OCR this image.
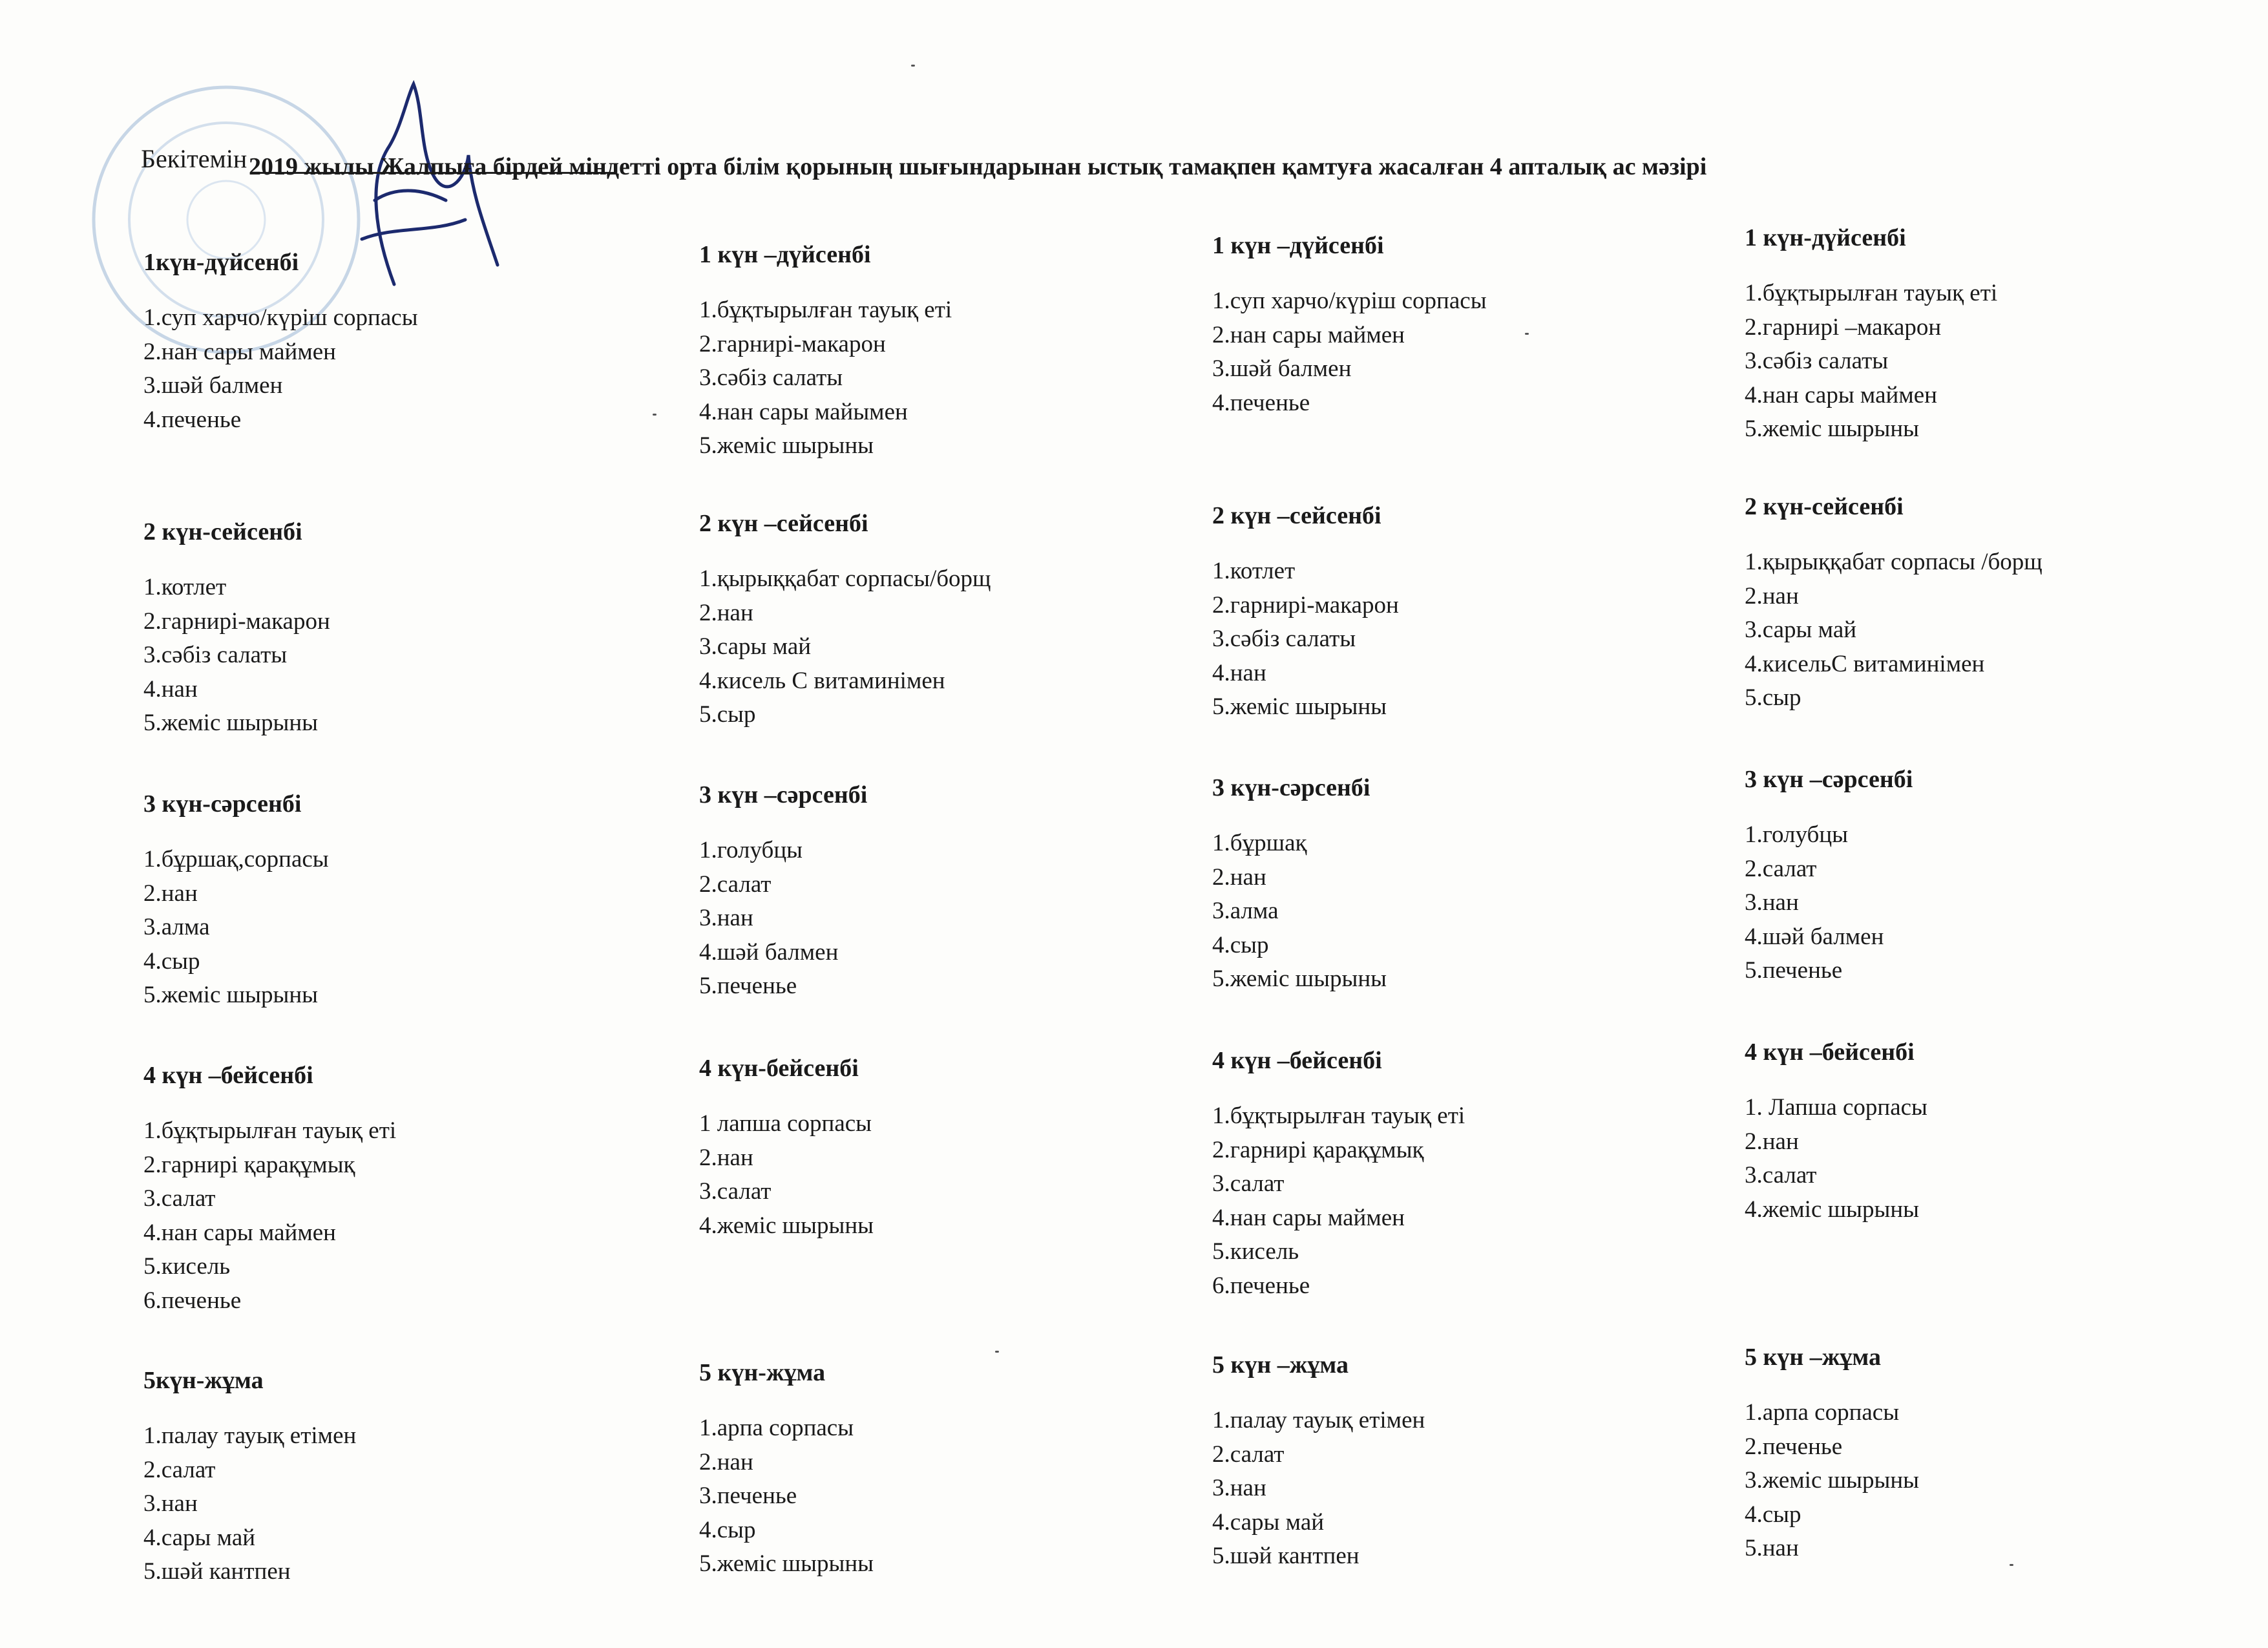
Бекітемін 2019 жылы Жалпыға бірдей міндетті орта білім қорының шығындарынан ыстық тамақпен қамтуға жасалған 4 апталық ас мәзірі
1күн-дүйсенбі
1.суп харчо/күріш сорпасы
2.нан сары маймен
3.шәй балмен
4.печенье
2 күн-сейсенбі
1.котлет
2.гарнирі-макарон
3.сәбіз салаты
4.нан
5.жеміс шырыны
3 күн-сәрсенбі
1.бұршақ,сорпасы
2.нан
3.алма
4.сыр
5.жеміс шырыны
4 күн –бейсенбі
1.бұқтырылған тауық еті
2.гарнирі қарақұмық
3.салат
4.нан сары маймен
5.кисель
6.печенье
5күн-жұма
1.палау тауық етімен
2.салат
3.нан
4.сары май
5.шәй кантпен
1 күн –дүйсенбі
1.бұқтырылған тауық еті
2.гарнирі-макарон
3.сәбіз салаты
4.нан сары майымен
5.жеміс шырыны
2 күн –сейсенбі
1.қырыққабат сорпасы/борщ
2.нан
3.сары май
4.кисель С витаминімен
5.сыр
3 күн –сәрсенбі
1.голубцы
2.салат
3.нан
4.шәй балмен
5.печенье
4 күн-бейсенбі
1 лапша сорпасы
2.нан
3.салат
4.жеміс шырыны
5 күн-жұма
1.арпа сорпасы
2.нан
3.печенье
4.сыр
5.жеміс шырыны
1 күн –дүйсенбі
1.суп харчо/күріш сорпасы
2.нан сары маймен
3.шәй балмен
4.печенье
2 күн –сейсенбі
1.котлет
2.гарнирі-макарон
3.сәбіз салаты
4.нан
5.жеміс шырыны
3 күн-сәрсенбі
1.бұршақ
2.нан
3.алма
4.сыр
5.жеміс шырыны
4 күн –бейсенбі
1.бұқтырылған тауық еті
2.гарнирі қарақұмық
3.салат
4.нан сары маймен
5.кисель
6.печенье
5 күн –жұма
1.палау тауық етімен
2.салат
3.нан
4.сары май
5.шәй кантпен
1 күн-дүйсенбі
1.бұқтырылған тауық еті
2.гарнирі –макарон
3.сәбіз салаты
4.нан сары маймен
5.жеміс шырыны
2 күн-сейсенбі
1.қырыққабат сорпасы /борщ
2.нан
3.сары май
4.кисельС витаминімен
5.сыр
3 күн –сәрсенбі
1.голубцы
2.салат
3.нан
4.шәй балмен
5.печенье
4 күн –бейсенбі
1. Лапша сорпасы
2.нан
3.салат
4.жеміс шырыны
5 күн –жұма
1.арпа сорпасы
2.печенье
3.жеміс шырыны
4.сыр
5.нан
